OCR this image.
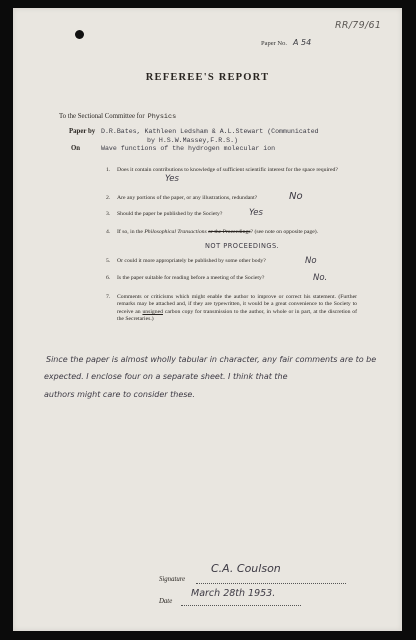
RR/79/61
Paper No. A 54
REFEREE'S REPORT
To the Sectional Committee for Physics
Paper by D.R.Bates, Kathleen Ledsham & A.L.Stewart (Communicated
by H.S.W.Massey,F.R.S.)
On	Wave functions of the hydrogen molecular ion
1. Does it contain contributions to knowledge of sufficient scientific interest for the space required?
Yes
2. Are any portions of the paper, or any illustrations, redundant?	No
3. Should the paper be published by the Society?	Yes
4. If so, in the Philosophical Transactions or the Proceedings? (see note on opposite page).
NOT PROCEEDINGS.
5. Or could it more appropriately be published by some other body?	No
6. Is the paper suitable for reading before a meeting of the Society?	No.
7. Comments or criticisms which might enable the author to improve or correct his statement. (Further remarks may be attached and, if they are typewritten, it would be a great convenience to the Society to receive an unsigned carbon copy for transmission to the author, in whole or in part, at the discretion of the Secretaries.)
Since the paper is almost wholly tabular in character, any fair comments are to be
expected. I enclose four on a separate sheet. I think that the
authors might care to consider these.
Signature
C.A. Coulson
Date
March 28th 1953.
